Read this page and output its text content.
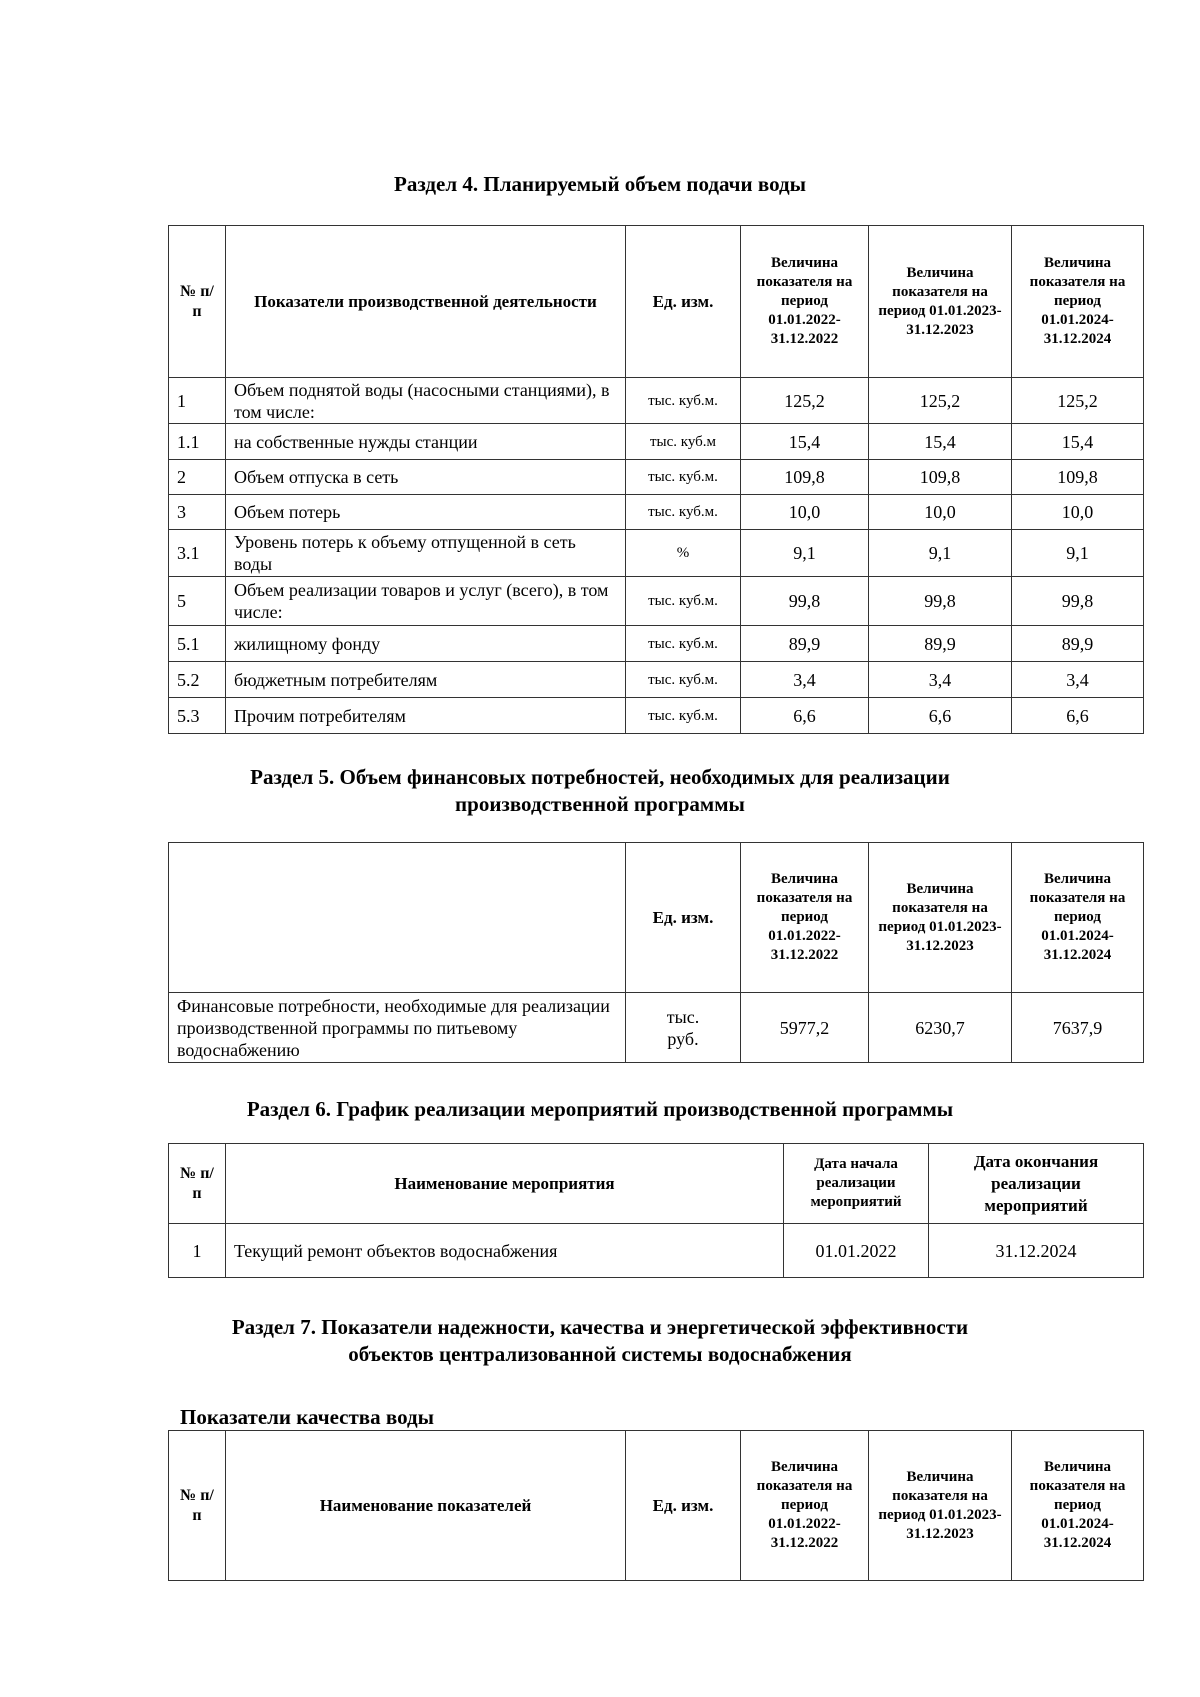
Раздел 4. Планируемый объем подачи воды
№ п/п	Показатели производственной деятельности	Ед. изм.	Величина показателя на период 01.01.2022-31.12.2022	Величина показателя на период 01.01.2023-31.12.2023	Величина показателя на период 01.01.2024-31.12.2024
1	Объем поднятой воды (насосными станциями), в том числе:	тыс. куб.м.	125,2	125,2	125,2
1.1	на собственные нужды станции	тыс. куб.м	15,4	15,4	15,4
2	Объем отпуска в сеть	тыс. куб.м.	109,8	109,8	109,8
3	Объем потерь	тыс. куб.м.	10,0	10,0	10,0
3.1	Уровень потерь к объему отпущенной в сеть воды	%	9,1	9,1	9,1
5	Объем реализации товаров и услуг (всего), в том числе:	тыс. куб.м.	99,8	99,8	99,8
5.1	жилищному фонду	тыс. куб.м.	89,9	89,9	89,9
5.2	бюджетным потребителям	тыс. куб.м.	3,4	3,4	3,4
5.3	Прочим потребителям	тыс. куб.м.	6,6	6,6	6,6
Раздел 5. Объем финансовых потребностей, необходимых для реализации
производственной программы
	Ед. изм.	Величина показателя на период 01.01.2022-31.12.2022	Величина показателя на период 01.01.2023-31.12.2023	Величина показателя на период 01.01.2024-31.12.2024
Финансовые потребности, необходимые для реализации производственной программы по питьевому водоснабжению	тыс. руб.	5977,2	6230,7	7637,9
Раздел 6. График реализации мероприятий производственной программы
№ п/п	Наименование мероприятия	Дата начала реализации мероприятий	Дата окончания реализации мероприятий
1	Текущий ремонт объектов водоснабжения	01.01.2022	31.12.2024
Раздел 7. Показатели надежности, качества и энергетической эффективности
объектов централизованной системы водоснабжения
Показатели качества воды
№ п/п	Наименование показателей	Ед. изм.	Величина показателя на период 01.01.2022-31.12.2022	Величина показателя на период 01.01.2023-31.12.2023	Величина показателя на период 01.01.2024-31.12.2024
